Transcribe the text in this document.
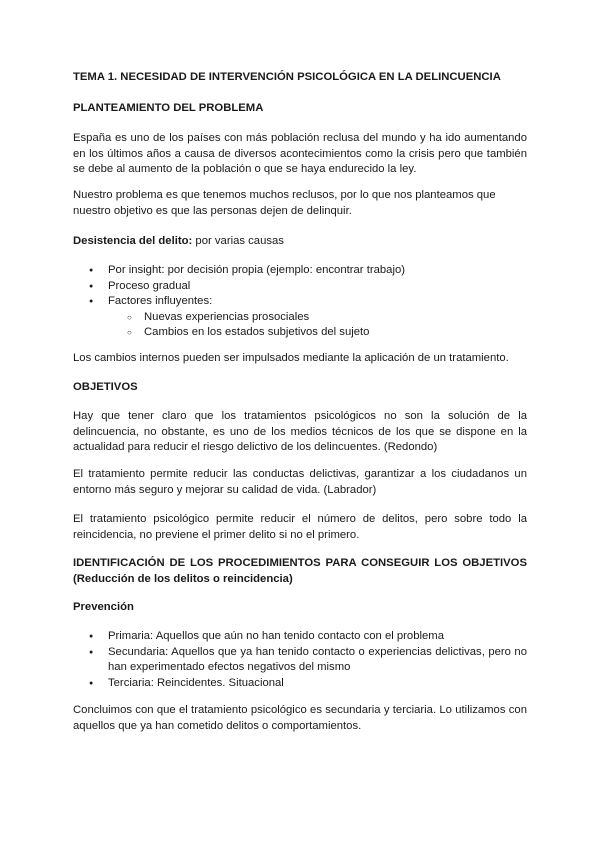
TEMA 1. NECESIDAD DE INTERVENCIÓN PSICOLÓGICA EN LA DELINCUENCIA

PLANTEAMIENTO DEL PROBLEMA

España es uno de los países con más población reclusa del mundo y ha ido aumentando en los últimos años a causa de diversos acontecimientos como la crisis pero que también se debe al aumento de la población o que se haya endurecido la ley.

Nuestro problema es que tenemos muchos reclusos, por lo que nos planteamos que nuestro objetivo es que las personas dejen de delinquir.

Desistencia del delito: por varias causas

● Por insight: por decisión propia (ejemplo: encontrar trabajo)
● Proceso gradual
● Factores influyentes:
○ Nuevas experiencias prosociales
○ Cambios en los estados subjetivos del sujeto

Los cambios internos pueden ser impulsados mediante la aplicación de un tratamiento.

OBJETIVOS

Hay que tener claro que los tratamientos psicológicos no son la solución de la delincuencia, no obstante, es uno de los medios técnicos de los que se dispone en la actualidad para reducir el riesgo delictivo de los delincuentes. (Redondo)

El tratamiento permite reducir las conductas delictivas, garantizar a los ciudadanos un entorno más seguro y mejorar su calidad de vida. (Labrador)

El tratamiento psicológico permite reducir el número de delitos, pero sobre todo la reincidencia, no previene el primer delito si no el primero.

IDENTIFICACIÓN DE LOS PROCEDIMIENTOS PARA CONSEGUIR LOS OBJETIVOS (Reducción de los delitos o reincidencia)

Prevención

● Primaria: Aquellos que aún no han tenido contacto con el problema
● Secundaria: Aquellos que ya han tenido contacto o experiencias delictivas, pero no han experimentado efectos negativos del mismo
● Terciaria: Reincidentes. Situacional

Concluimos con que el tratamiento psicológico es secundaria y terciaria. Lo utilizamos con aquellos que ya han cometido delitos o comportamientos.
